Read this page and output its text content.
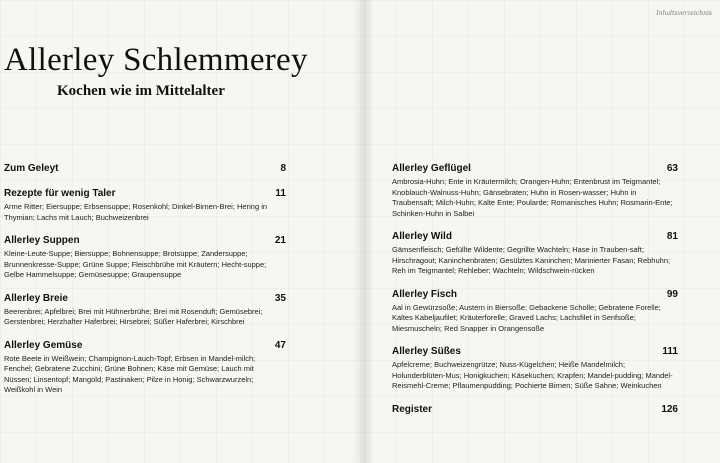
Inhaltsverzeichnis
Allerley Schlemmerey
Kochen wie im Mittelalter
Zum Geleyt	8
Rezepte für wenig Taler	11
Arme Ritter; Eiersuppe; Erbsensuppe; Rosenkohl; Dinkel-Birnen-Brei; Hering in Thymian; Lachs mit Lauch; Buchweizenbrei
Allerley Suppen	21
Kleine-Leute-Suppe; Biersuppe; Bohnensuppe; Brotsuppe; Zandersuppe; Brunnenkresse-Suppe; Grüne Suppe; Fleischbrühe mit Kräutern; Hecht-suppe; Gelbe Hammelsuppe; Gemüsesuppe; Graupensuppe
Allerley Breie	35
Beerenbrei; Apfelbrei; Brei mit Hühnerbrühe; Brei mit Rosenduft; Gemüsebrei; Gerstenbrei; Herzhafter Haferbrei; Hirsebrei; Süßer Haferbrei; Kirschbrei
Allerley Gemüse	47
Rote Beete in Weißwein; Champignon-Lauch-Topf; Erbsen in Mandel-milch; Fenchel; Gebratene Zucchini; Grüne Bohnen; Käse mit Gemüse; Lauch mit Nüssen; Linsentopf; Mangold; Pastinaken; Pilze in Honig; Schwarzwurzeln; Weißkohl in Wein
Allerley Geflügel	63
Ambrosia-Huhn; Ente in Kräutermilch; Orangen-Huhn; Entenbrust im Teigmantel; Knoblauch-Walnuss-Huhn; Gänsebraten; Huhn in Rosen-wasser; Huhn in Traubensaft; Milch-Huhn; Kalte Ente; Poularde; Romanisches Huhn; Rosmarin-Ente; Schinken-Huhn in Salbei
Allerley Wild	81
Gämsenfleisch; Gefüllte Wildente; Gegrillte Wachteln; Hase in Trauben-saft; Hirschragout; Kaninchenbraten; Gesülztes Kaninchen; Marinierter Fasan; Rebhuhn; Reh im Teigmantel; Rehleber; Wachteln; Wildschwein-rücken
Allerley Fisch	99
Aal in Gewürzsoße; Austern in Biersoße; Gebackene Scholle; Gebratene Forelle; Kaltes Kabeljaufilet; Kräuterforelle; Graved Lachs; Lachsfilet in Senfsoße; Miesmuscheln; Red Snapper in Orangensoße
Allerley Süßes	111
Apfelcreme; Buchweizengrütze; Nuss-Kügelchen; Heiße Mandelmilch; Holunderblüten-Mus; Honigkuchen; Käsekuchen; Krapfen; Mandel-pudding; Mandel-Reismehl-Creme; Pflaumenpudding; Pochierte Birnen; Süße Sahne; Weinkuchen
Register	126
